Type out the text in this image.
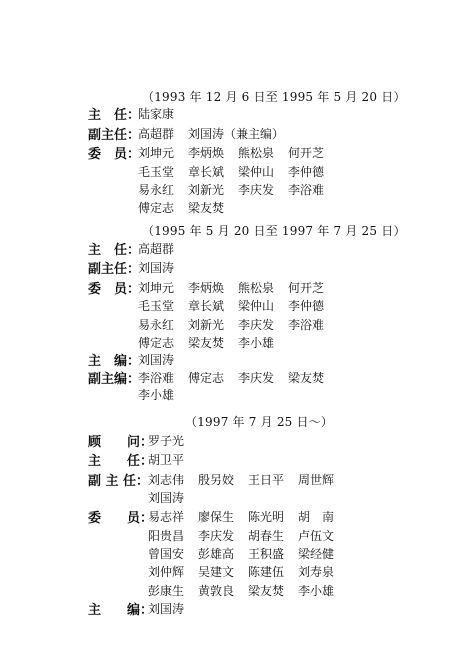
（1993 年 12 月 6 日至 1995 年 5 月 20 日）
主　任：
陆家康
副主任：
高超群 刘国涛（兼主编）
委　员：
刘坤元 李炳焕 熊松泉 何开芝
毛玉堂 章长斌 梁仲山 李仲德
易永红 刘新光 李庆发 李浴难
傅定志 梁友焚
（1995 年 5 月 20 日至 1997 年 7 月 25 日）
主　任：
高超群
副主任：
刘国涛
委　员：
刘坤元 李炳焕 熊松泉 何开芝
毛玉堂 章长斌 梁仲山 李仲德
易永红 刘新光 李庆发 李浴难
傅定志 梁友焚 李小雄
主　编：
刘国涛
副主编：
李浴难 傅定志 李庆发 梁友焚
李小雄
（1997 年 7 月 25 日～）
顾　　问：
罗子光
主　　任：
胡卫平
副 主 任：
刘志伟 殷另姣 王日平 周世辉
刘国涛
委　　员：
易志祥 廖保生 陈光明 胡　南
阳贵昌 李庆发 胡春生 卢伍文
曾国安 彭雄高 王积盛 梁经健
刘仲辉 吴建文 陈建伍 刘寿泉
彭康生 黄敦良 梁友焚 李小雄
主　　编：
刘国涛
